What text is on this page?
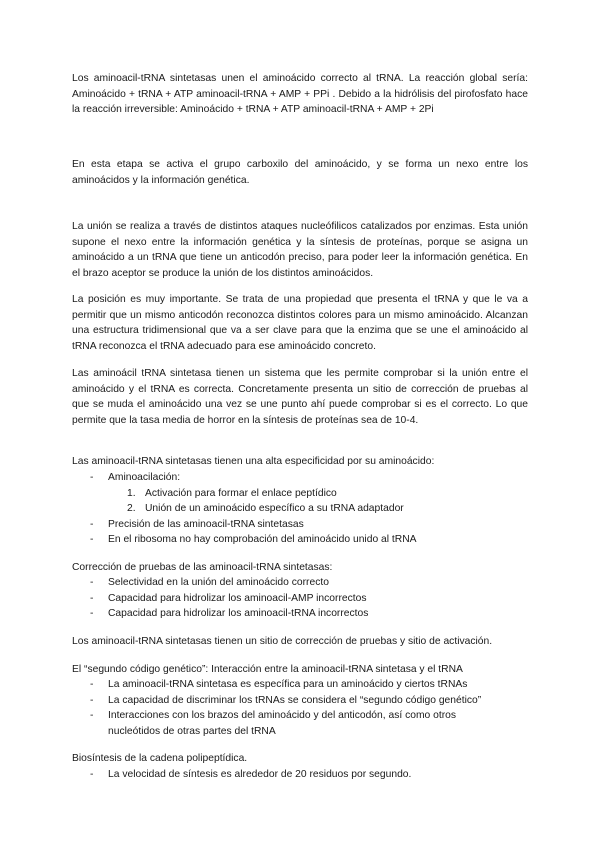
Los aminoacil-tRNA sintetasas unen el aminoácido correcto al tRNA. La reacción global sería: Aminoácido + tRNA + ATP aminoacil-tRNA + AMP + PPi . Debido a la hidrólisis del pirofosfato hace la reacción irreversible: Aminoácido + tRNA + ATP aminoacil-tRNA + AMP + 2Pi

En esta etapa se activa el grupo carboxilo del aminoácido, y se forma un nexo entre los aminoácidos y la información genética.

La unión se realiza a través de distintos ataques nucleófilicos catalizados por enzimas. Esta unión supone el nexo entre la información genética y la síntesis de proteínas, porque se asigna un aminoácido a un tRNA que tiene un anticodón preciso, para poder leer la información genética. En el brazo aceptor se produce la unión de los distintos aminoácidos.

La posición es muy importante. Se trata de una propiedad que presenta el tRNA y que le va a permitir que un mismo anticodón reconozca distintos colores para un mismo aminoácido. Alcanzan una estructura tridimensional que va a ser clave para que la enzima que se une el aminoácido al tRNA reconozca el tRNA adecuado para ese aminoácido concreto.

Las aminoácil tRNA sintetasa tienen un sistema que les permite comprobar si la unión entre el aminoácido y el tRNA es correcta. Concretamente presenta un sitio de corrección de pruebas al que se muda el aminoácido una vez se une punto ahí puede comprobar si es el correcto. Lo que permite que la tasa media de horror en la síntesis de proteínas sea de 10-4.

Las aminoacil-tRNA sintetasas tienen una alta especificidad por su aminoácido:
- Aminoacilación:
1. Activación para formar el enlace peptídico
2. Unión de un aminoácido específico a su tRNA adaptador
- Precisión de las aminoacil-tRNA sintetasas
- En el ribosoma no hay comprobación del aminoácido unido al tRNA
Corrección de pruebas de las aminoacil-tRNA sintetasas:
- Selectividad en la unión del aminoácido correcto
- Capacidad para hidrolizar los aminoacil-AMP incorrectos
- Capacidad para hidrolizar los aminoacil-tRNA incorrectos
Los aminoacil-tRNA sintetasas tienen un sitio de corrección de pruebas y sitio de activación.
El “segundo código genético”: Interacción entre la aminoacil-tRNA sintetasa y el tRNA
- La aminoacil-tRNA sintetasa es específica para un aminoácido y ciertos tRNAs
- La capacidad de discriminar los tRNAs se considera el “segundo código genético”
- Interacciones con los brazos del aminoácido y del anticodón, así como otros
nucleótidos de otras partes del tRNA
Biosíntesis de la cadena polipeptídica.
- La velocidad de síntesis es alrededor de 20 residuos por segundo.
